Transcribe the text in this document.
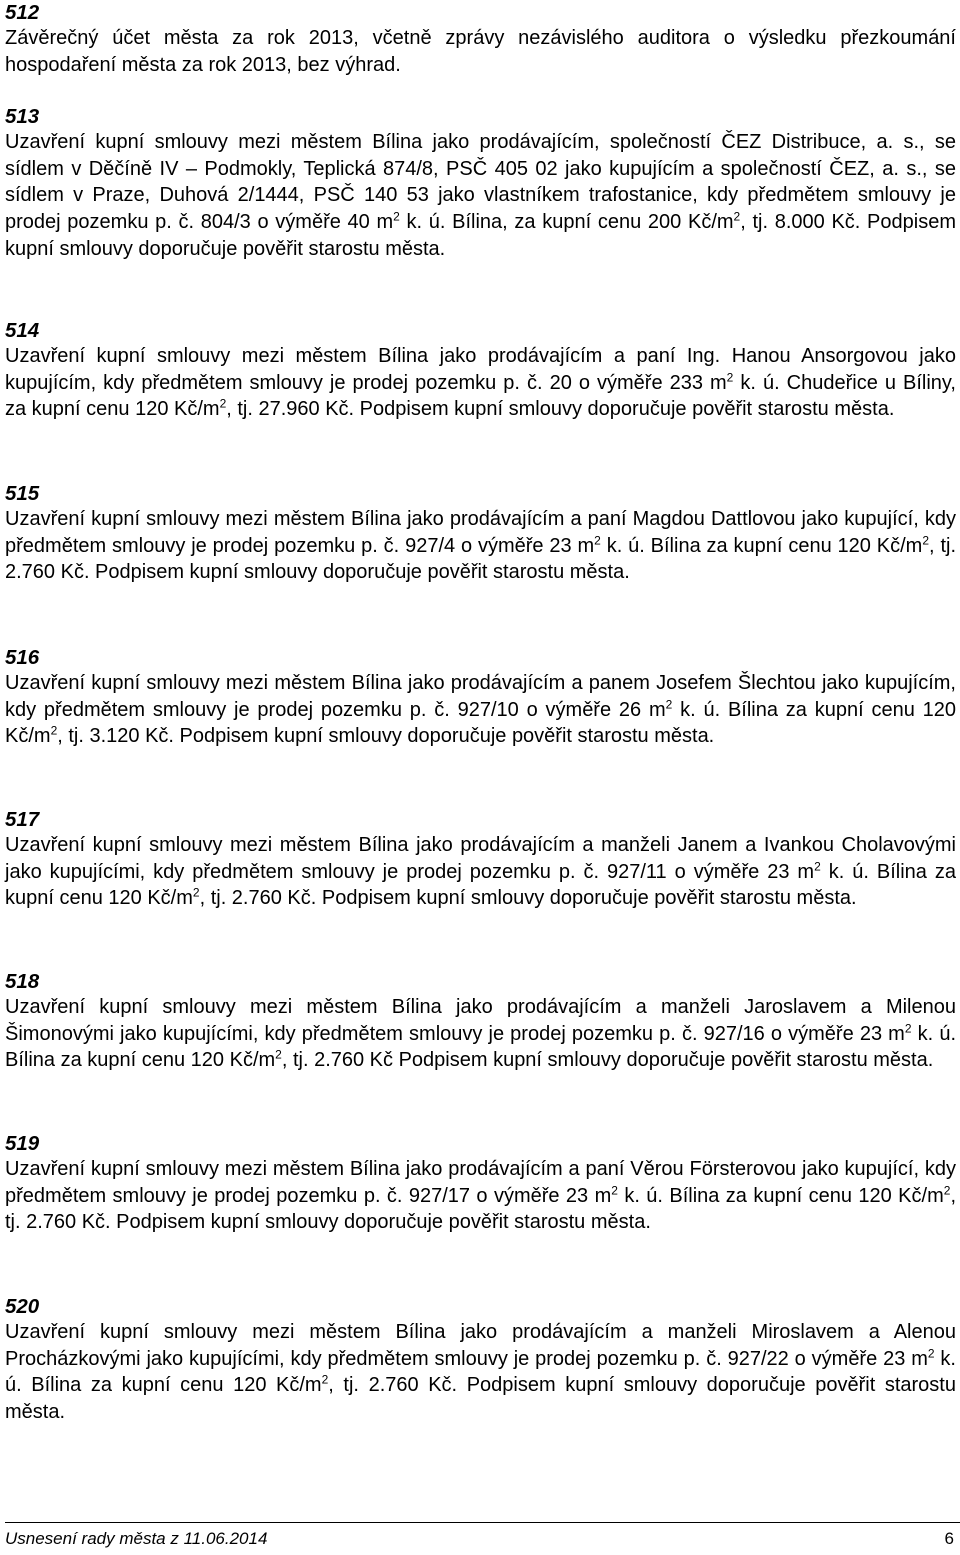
512

Závěrečný účet města za rok 2013, včetně zprávy nezávislého auditora o výsledku přezkoumání hospodaření města za rok 2013, bez výhrad.

513

Uzavření kupní smlouvy mezi městem Bílina jako prodávajícím, společností ČEZ Distribuce, a. s., se sídlem v Děčíně IV – Podmokly, Teplická 874/8, PSČ 405 02 jako kupujícím a společností ČEZ, a. s., se sídlem v Praze, Duhová 2/1444, PSČ 140 53 jako vlastníkem trafostanice, kdy předmětem smlouvy je prodej pozemku p. č. 804/3 o výměře 40 $m^2$ k. ú. Bílina, za kupní cenu 200 $Kč/m^2$, tj. 8.000 Kč. Podpisem kupní smlouvy doporučuje pověřit starostu města.

514

Uzavření kupní smlouvy mezi městem Bílina jako prodávajícím a paní Ing. Hanou Ansorgovou jako kupujícím, kdy předmětem smlouvy je prodej pozemku p. č. 20 o výměře 233 $m^2$ k. ú. Chudeřice u Bíliny, za kupní cenu 120 $Kč/m^2$, tj. 27.960 Kč. Podpisem kupní smlouvy doporučuje pověřit starostu města.

515

Uzavření kupní smlouvy mezi městem Bílina jako prodávajícím a paní Magdou Dattlovou jako kupující, kdy předmětem smlouvy je prodej pozemku p. č. 927/4 o výměře 23 $m^2$ k. ú. Bílina za kupní cenu 120 $Kč/m^2$, tj. 2.760 Kč. Podpisem kupní smlouvy doporučuje pověřit starostu města.

516

Uzavření kupní smlouvy mezi městem Bílina jako prodávajícím a panem Josefem Šlechtou jako kupujícím, kdy předmětem smlouvy je prodej pozemku p. č. 927/10 o výměře 26 $m^2$ k. ú. Bílina za kupní cenu 120 $Kč/m^2$, tj. 3.120 Kč. Podpisem kupní smlouvy doporučuje pověřit starostu města.

517

Uzavření kupní smlouvy mezi městem Bílina jako prodávajícím a manželi Janem a Ivankou Cholavovými jako kupujícími, kdy předmětem smlouvy je prodej pozemku p. č. 927/11 o výměře 23 $m^2$ k. ú. Bílina za kupní cenu 120 $Kč/m^2$, tj. 2.760 Kč. Podpisem kupní smlouvy doporučuje pověřit starostu města.

518

Uzavření kupní smlouvy mezi městem Bílina jako prodávajícím a manželi Jaroslavem a Milenou Šimonovými jako kupujícími, kdy předmětem smlouvy je prodej pozemku p. č. 927/16 o výměře 23 $m^2$ k. ú. Bílina za kupní cenu 120 $Kč/m^2$, tj. 2.760 Kč Podpisem kupní smlouvy doporučuje pověřit starostu města.

519

Uzavření kupní smlouvy mezi městem Bílina jako prodávajícím a paní Věrou Försterovou jako kupující, kdy předmětem smlouvy je prodej pozemku p. č. 927/17 o výměře 23 $m^2$ k. ú. Bílina za kupní cenu 120 $Kč/m^2$, tj. 2.760 Kč. Podpisem kupní smlouvy doporučuje pověřit starostu města.

520

Uzavření kupní smlouvy mezi městem Bílina jako prodávajícím a manželi Miroslavem a Alenou Procházkovými jako kupujícími, kdy předmětem smlouvy je prodej pozemku p. č. 927/22 o výměře 23 $m^2$ k. ú. Bílina za kupní cenu 120 $Kč/m^2$, tj. 2.760 Kč. Podpisem kupní smlouvy doporučuje pověřit starostu města.

Usnesení rady města z 11.06.2014	6
